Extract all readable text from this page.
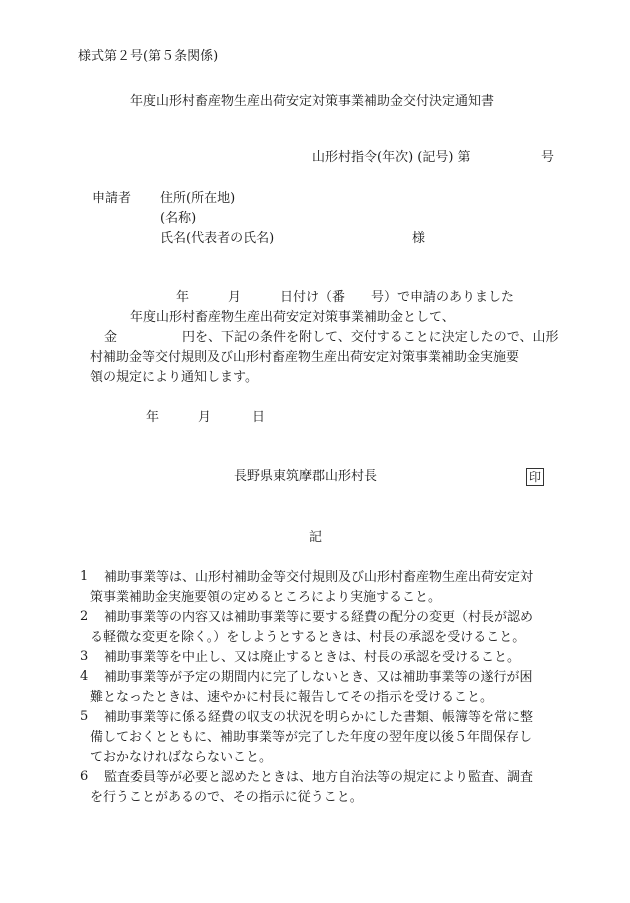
様式第２号(第５条関係)
年度山形村畜産物生産出荷安定対策事業補助金交付決定通知書
山形村指令(年次) (記号) 第	号
申請者 住所(所在地)
(名称)
氏名(代表者の氏名)	様
年	月	日付け（番　　号）で申請のありました
年度山形村畜産物生産出荷安定対策事業補助金として、
金	円を、下記の条件を附して、交付することに決定したので、山形
村補助金等交付規則及び山形村畜産物生産出荷安定対策事業補助金実施要
領の規定により通知します。
年	月	日
長野県東筑摩郡山形村長	印
記
1 補助事業等は、山形村補助金等交付規則及び山形村畜産物生産出荷安定対
策事業補助金実施要領の定めるところにより実施すること。
2 補助事業等の内容又は補助事業等に要する経費の配分の変更（村長が認め
る軽微な変更を除く。）をしようとするときは、村長の承認を受けること。
3 補助事業等を中止し、又は廃止するときは、村長の承認を受けること。
4 補助事業等が予定の期間内に完了しないとき、又は補助事業等の遂行が困
難となったときは、速やかに村長に報告してその指示を受けること。
5 補助事業等に係る経費の収支の状況を明らかにした書類、帳簿等を常に整
備しておくとともに、補助事業等が完了した年度の翌年度以後５年間保存し
ておかなければならないこと。
6 監査委員等が必要と認めたときは、地方自治法等の規定により監査、調査
を行うことがあるので、その指示に従うこと。
